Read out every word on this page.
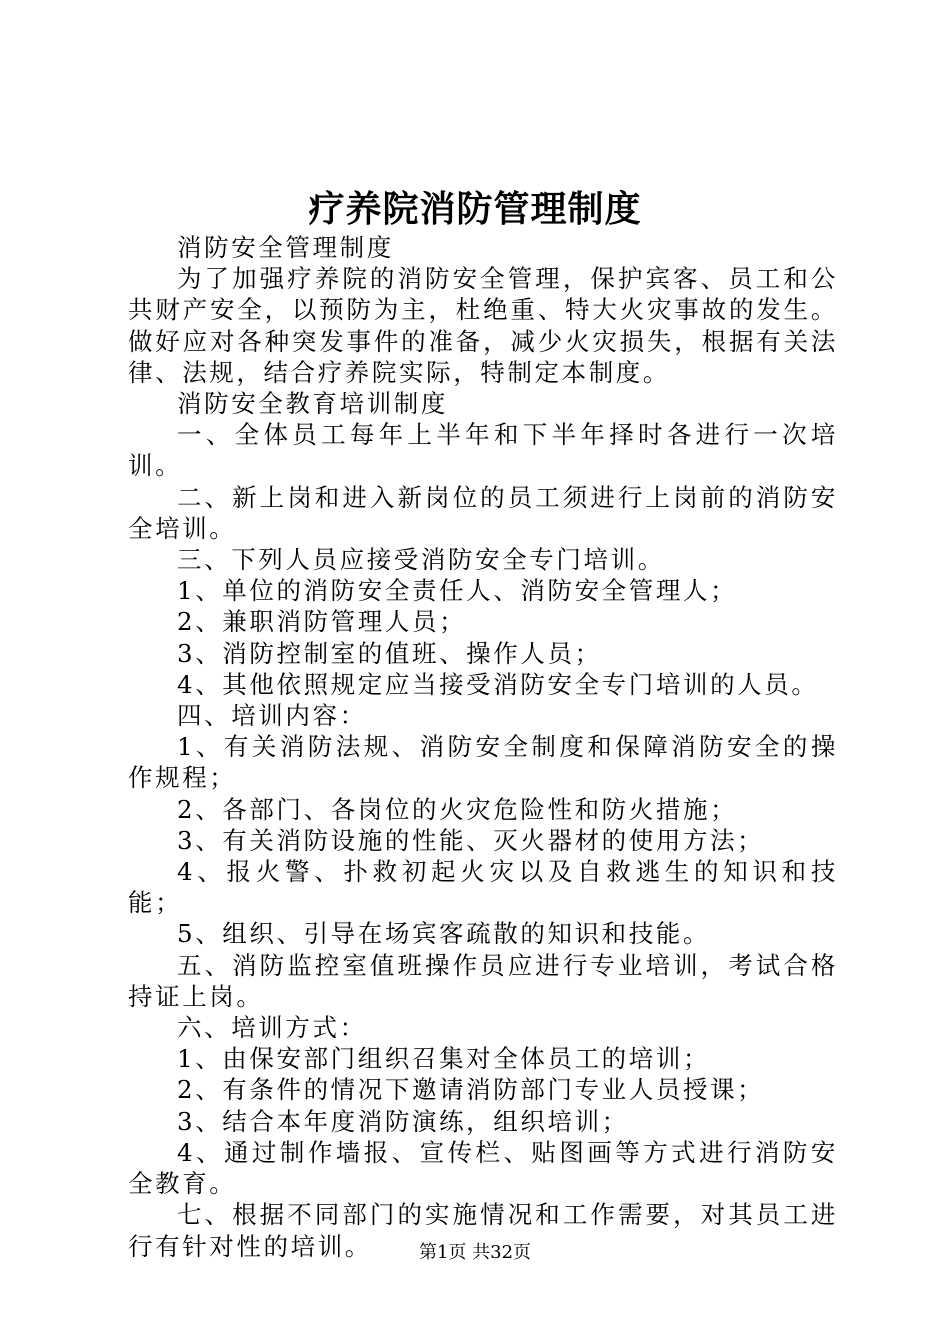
疗养院消防管理制度

消防安全管理制度

为了加强疗养院的消防安全管理，保护宾客、员工和公共财产安全，以预防为主，杜绝重、特大火灾事故的发生。做好应对各种突发事件的准备，减少火灾损失，根据有关法律、法规，结合疗养院实际，特制定本制度。

消防安全教育培训制度

一、全体员工每年上半年和下半年择时各进行一次培训。

二、新上岗和进入新岗位的员工须进行上岗前的消防安全培训。

三、下列人员应接受消防安全专门培训。

1、单位的消防安全责任人、消防安全管理人；

2、兼职消防管理人员；

3、消防控制室的值班、操作人员；

4、其他依照规定应当接受消防安全专门培训的人员。

四、培训内容：

1、有关消防法规、消防安全制度和保障消防安全的操作规程；

2、各部门、各岗位的火灾危险性和防火措施；

3、有关消防设施的性能、灭火器材的使用方法；

4、报火警、扑救初起火灾以及自救逃生的知识和技能；

5、组织、引导在场宾客疏散的知识和技能。

五、消防监控室值班操作员应进行专业培训，考试合格持证上岗。

六、培训方式：

1、由保安部门组织召集对全体员工的培训；

2、有条件的情况下邀请消防部门专业人员授课；

3、结合本年度消防演练，组织培训；

4、通过制作墙报、宣传栏、贴图画等方式进行消防安全教育。

七、根据不同部门的实施情况和工作需要，对其员工进行有针对性的培训。	第1页 共32页
